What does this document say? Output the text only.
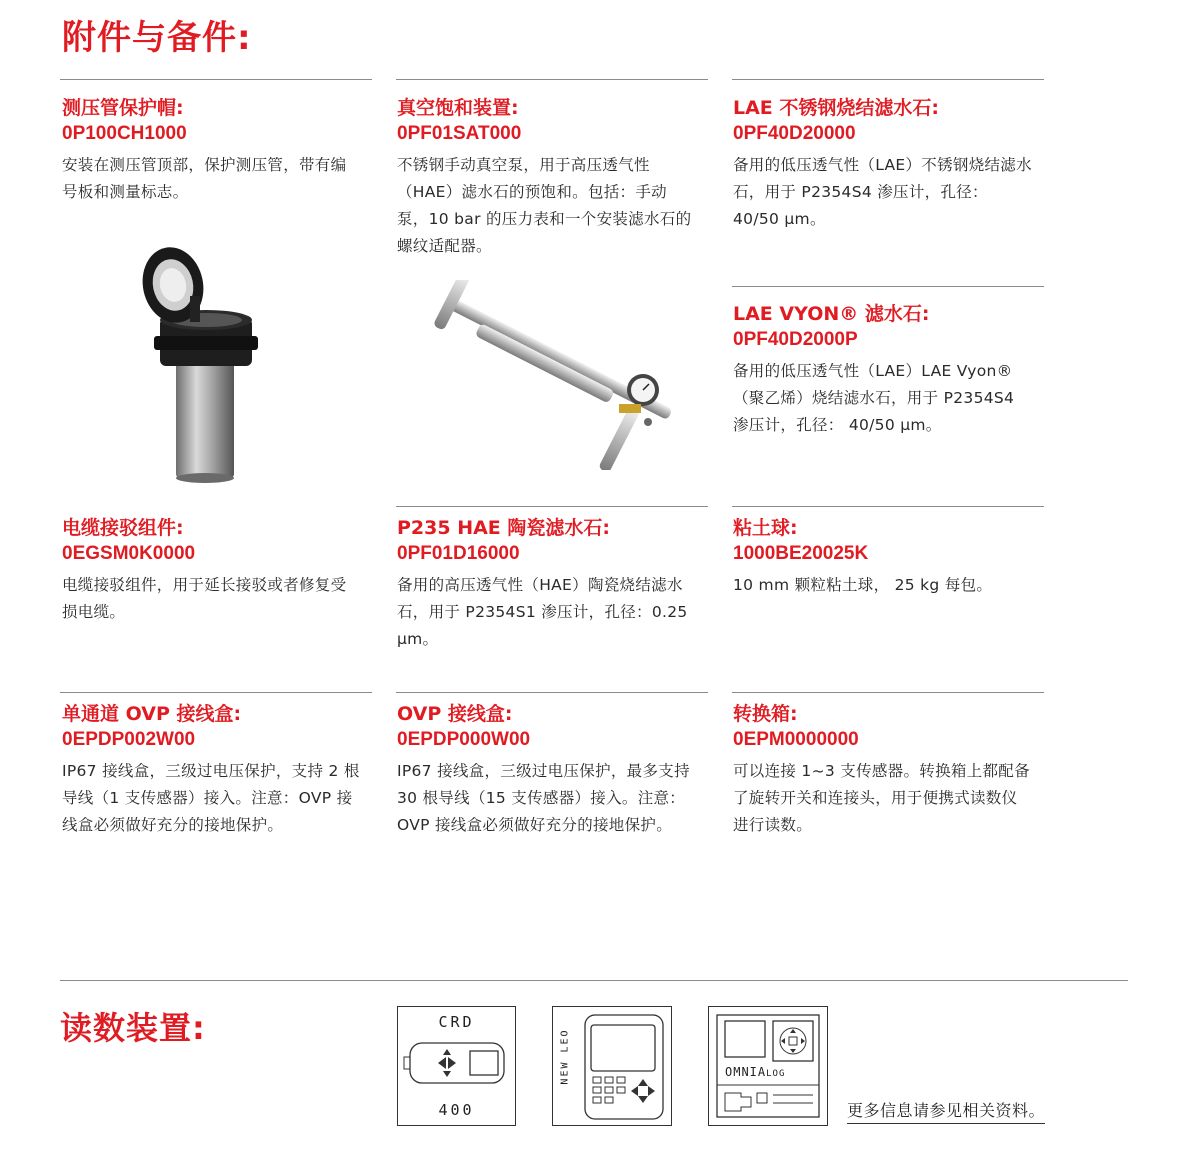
附件与备件:
测压管保护帽:
0P100CH1000
安装在测压管顶部，保护测压管，带有编号板和测量标志。
真空饱和装置:
0PF01SAT000
不锈钢手动真空泵，用于高压透气性（HAE）滤水石的预饱和。包括：手动泵，10 bar 的压力表和一个安装滤水石的螺纹适配器。
LAE 不锈钢烧结滤水石:
0PF40D20000
备用的低压透气性（LAE）不锈钢烧结滤水石，用于 P2354S4 渗压计，孔径：40/50 μm。
LAE VYON® 滤水石:
0PF40D2000P
备用的低压透气性（LAE）LAE Vyon®（聚乙烯）烧结滤水石，用于 P2354S4 渗压计，孔径： 40/50 μm。
电缆接驳组件:
0EGSM0K0000
电缆接驳组件，用于延长接驳或者修复受损电缆。
P235 HAE 陶瓷滤水石:
0PF01D16000
备用的高压透气性（HAE）陶瓷烧结滤水石，用于 P2354S1 渗压计，孔径：0.25 μm。
粘土球:
1000BE20025K
10 mm 颗粒粘土球， 25 kg 每包。
单通道 OVP 接线盒:
0EPDP002W00
IP67 接线盒，三级过电压保护，支持 2 根导线（1 支传感器）接入。注意：OVP 接线盒必须做好充分的接地保护。
OVP 接线盒:
0EPDP000W00
IP67 接线盒，三级过电压保护，最多支持 30 根导线（15 支传感器）接入。注意：OVP 接线盒必须做好充分的接地保护。
转换箱:
0EPM0000000
可以连接 1~3 支传感器。转换箱上都配备了旋转开关和连接头，用于便携式读数仪进行读数。
读数装置:	CRD
400
NEW LEO	OMNIALOG
更多信息请参见相关资料。
